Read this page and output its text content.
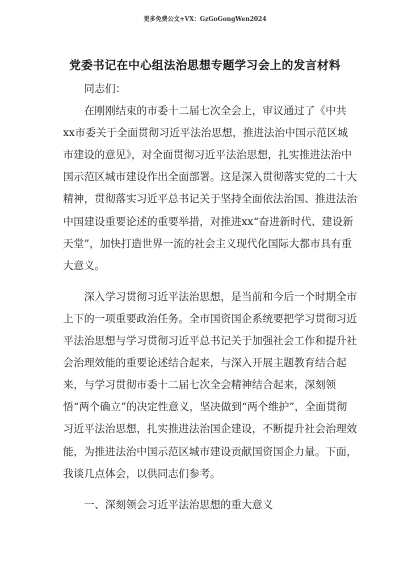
更多免费公文+VX：GzGoGongWen2024
党委书记在中心组法治思想专题学习会上的发言材料

同志们：

在刚刚结束的市委十二届七次全会上，审议通过了《中共xx市委关于全面贯彻习近平法治思想，推进法治中国示范区城市建设的意见》，对全面贯彻习近平法治思想，扎实推进法治中国示范区城市建设作出全面部署。这是深入贯彻落实党的二十大精神，贯彻落实习近平总书记关于坚持全面依法治国、推进法治中国建设重要论述的重要举措，对推进xx“奋进新时代、建设新天堂”，加快打造世界一流的社会主义现代化国际大都市具有重大意义。

深入学习贯彻习近平法治思想，是当前和今后一个时期全市上下的一项重要政治任务。全市国资国企系统要把学习贯彻习近平法治思想与学习贯彻习近平总书记关于加强社会工作和提升社会治理效能的重要论述结合起来，与深入开展主题教育结合起来，与学习贯彻市委十二届七次全会精神结合起来，深刻领悟“两个确立”的决定性意义，坚决做到“两个维护”，全面贯彻习近平法治思想，扎实推进法治国企建设，不断提升社会治理效能，为推进法治中国示范区城市建设贡献国资国企力量。下面，我谈几点体会，以供同志们参考。

一、深刻领会习近平法治思想的重大意义
